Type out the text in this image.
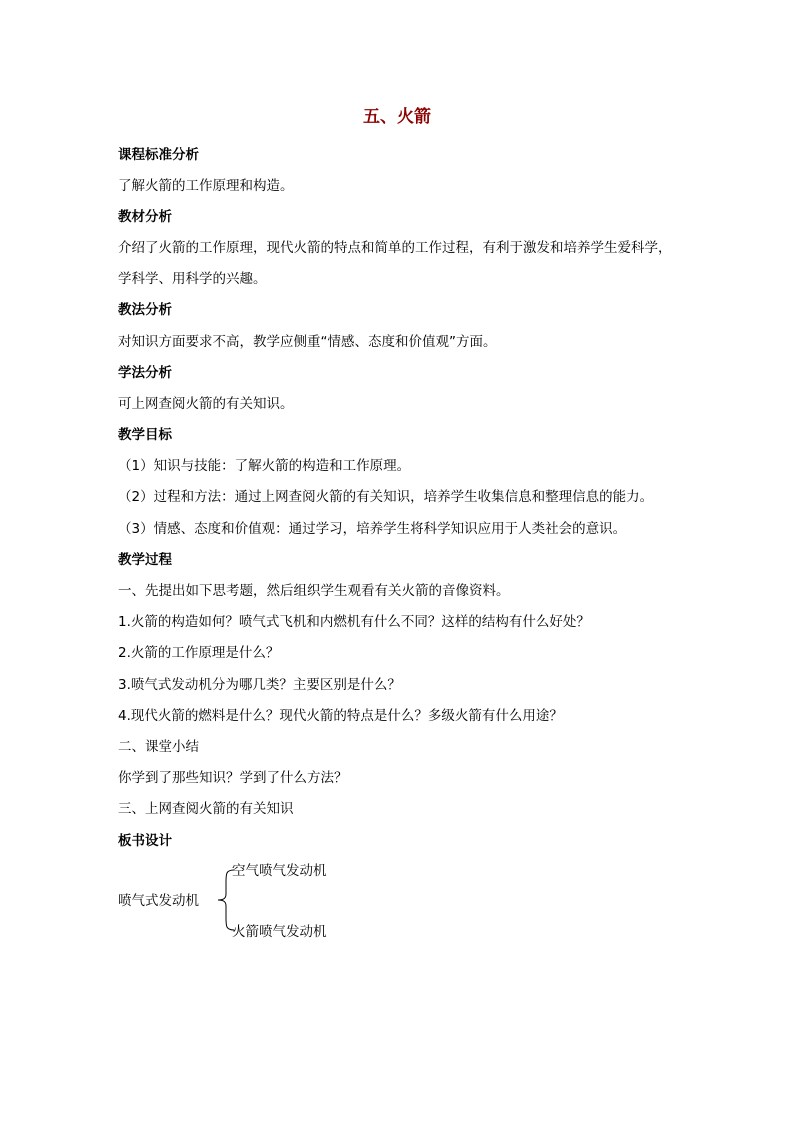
五、火箭
课程标准分析
了解火箭的工作原理和构造。
教材分析
介绍了火箭的工作原理，现代火箭的特点和简单的工作过程，有利于激发和培养学生爱科学，
学科学、用科学的兴趣。
教法分析
对知识方面要求不高，教学应侧重“情感、态度和价值观”方面。
学法分析
可上网查阅火箭的有关知识。
教学目标
（1）知识与技能：了解火箭的构造和工作原理。
（2）过程和方法：通过上网查阅火箭的有关知识，培养学生收集信息和整理信息的能力。
（3）情感、态度和价值观：通过学习，培养学生将科学知识应用于人类社会的意识。
教学过程
一、先提出如下思考题，然后组织学生观看有关火箭的音像资料。
1.火箭的构造如何？喷气式飞机和内燃机有什么不同？这样的结构有什么好处？
2.火箭的工作原理是什么？
3.喷气式发动机分为哪几类？主要区别是什么？
4.现代火箭的燃料是什么？现代火箭的特点是什么？多级火箭有什么用途？
二、课堂小结
你学到了那些知识？学到了什么方法？
三、上网查阅火箭的有关知识
板书设计
空气喷气发动机
喷气式发动机
火箭喷气发动机
